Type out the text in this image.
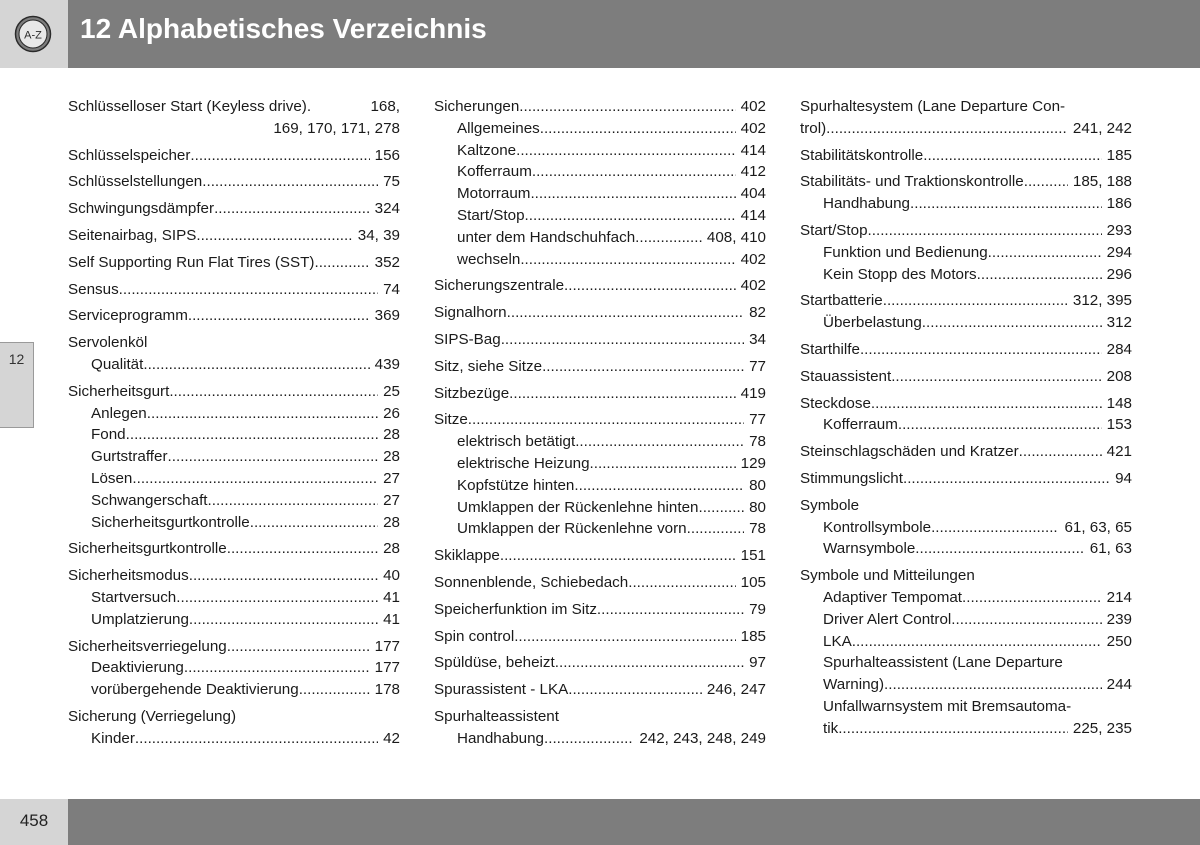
A-Z 12 Alphabetisches Verzeichnis
12
Schlüsselloser Start (Keyless drive).	168,
169, 170, 171, 278
Schlüsselspeicher .....	156
Schlüsselstellungen .....	75
Schwingungsdämpfer .....	324
Seitenairbag, SIPS .....	34, 39
Self Supporting Run Flat Tires (SST) .....	352
Sensus .....	74
Serviceprogramm .....	369
Servolenköl
Qualität .....	439
Sicherheitsgurt .....	25
Anlegen .....	26
Fond .....	28
Gurtstraffer .....	28
Lösen .....	27
Schwangerschaft .....	27
Sicherheitsgurtkontrolle .....	28
Sicherheitsgurtkontrolle .....	28
Sicherheitsmodus .....	40
Startversuch .....	41
Umplatzierung .....	41
Sicherheitsverriegelung .....	177
Deaktivierung .....	177
vorübergehende Deaktivierung .....	178
Sicherung (Verriegelung)
Kinder .....	42
Sicherungen .....	402
Allgemeines .....	402
Kaltzone .....	414
Kofferraum .....	412
Motorraum .....	404
Start/Stop .....	414
unter dem Handschuhfach .....	408, 410
wechseln .....	402
Sicherungszentrale .....	402
Signalhorn .....	82
SIPS-Bag .....	34
Sitz, siehe Sitze .....	77
Sitzbezüge .....	419
Sitze .....	77
elektrisch betätigt .....	78
elektrische Heizung .....	129
Kopfstütze hinten .....	80
Umklappen der Rückenlehne hinten .....	80
Umklappen der Rückenlehne vorn .....	78
Skiklappe .....	151
Sonnenblende, Schiebedach .....	105
Speicherfunktion im Sitz .....	79
Spin control .....	185
Spüldüse, beheizt .....	97
Spurassistent - LKA .....	246, 247
Spurhalteassistent
Handhabung .....	242, 243, 248, 249
Spurhaltesystem (Lane Departure Con-
trol) .....	241, 242
Stabilitätskontrolle .....	185
Stabilitäts- und Traktionskontrolle .....	185, 188
Handhabung .....	186
Start/Stop .....	293
Funktion und Bedienung .....	294
Kein Stopp des Motors .....	296
Startbatterie .....	312, 395
Überbelastung .....	312
Starthilfe .....	284
Stauassistent .....	208
Steckdose .....	148
Kofferraum .....	153
Steinschlagschäden und Kratzer .....	421
Stimmungslicht .....	94
Symbole
Kontrollsymbole .....	61, 63, 65
Warnsymbole .....	61, 63
Symbole und Mitteilungen
Adaptiver Tempomat .....	214
Driver Alert Control .....	239
LKA .....	250
Spurhalteassistent (Lane Departure
Warning) .....	244
Unfallwarnsystem mit Bremsautoma-
tik .....	225, 235
458
